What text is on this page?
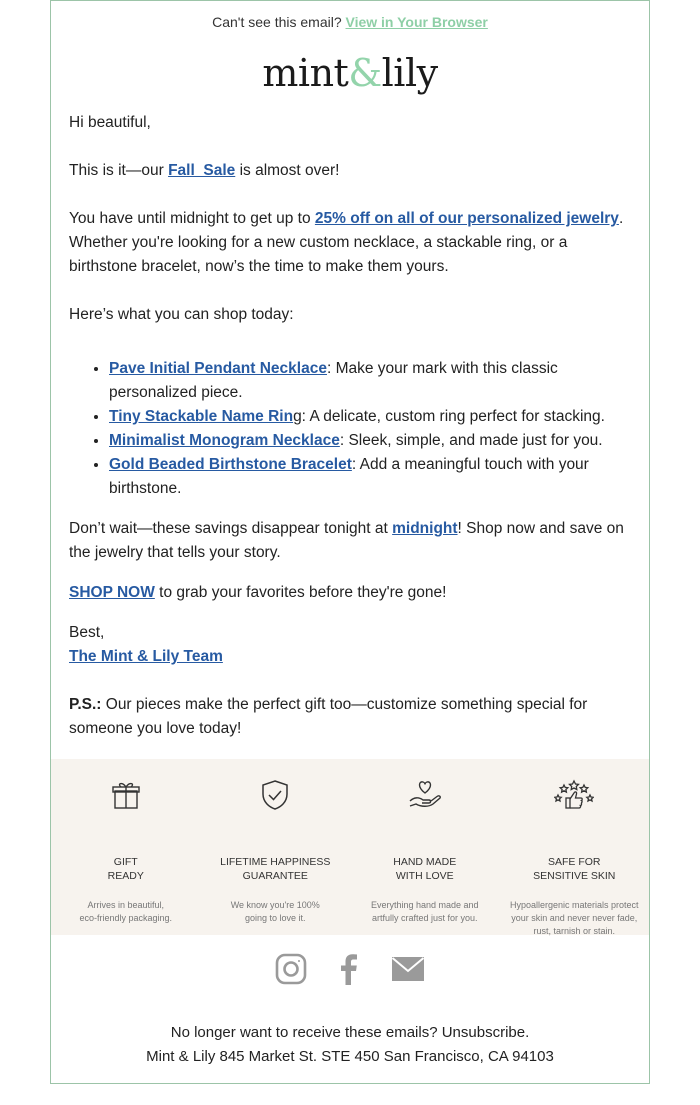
Can't see this email? View in Your Browser
mint&lily

Hi beautiful,

This is it—our Fall  Sale is almost over!

You have until midnight to get up to 25% off on all of our personalized jewelry. Whether you're looking for a new custom necklace, a stackable ring, or a birthstone bracelet, now’s the time to make them yours.

Here’s what you can shop today:

• Pave Initial Pendant Necklace: Make your mark with this classic personalized piece.
• Tiny Stackable Name Ring: A delicate, custom ring perfect for stacking.
• Minimalist Monogram Necklace: Sleek, simple, and made just for you.
• Gold Beaded Birthstone Bracelet: Add a meaningful touch with your birthstone.

Don’t wait—these savings disappear tonight at midnight! Shop now and save on the jewelry that tells your story.

SHOP NOW to grab your favorites before they're gone!

Best,

The Mint & Lily Team

P.S.: Our pieces make the perfect gift too—customize something special for someone you love today!

GIFT
READY
Arrives in beautiful,
eco-friendly packaging.
LIFETIME HAPPINESS
GUARANTEE
We know you're 100%
going to love it.
HAND MADE
WITH LOVE
Everything hand made and
artfully crafted just for you.
SAFE FOR
SENSITIVE SKIN
Hypoallergenic materials protect
your skin and never never fade,
rust, tarnish or stain.
No longer want to receive these emails? Unsubscribe.
Mint & Lily 845 Market St. STE 450 San Francisco, CA 94103
